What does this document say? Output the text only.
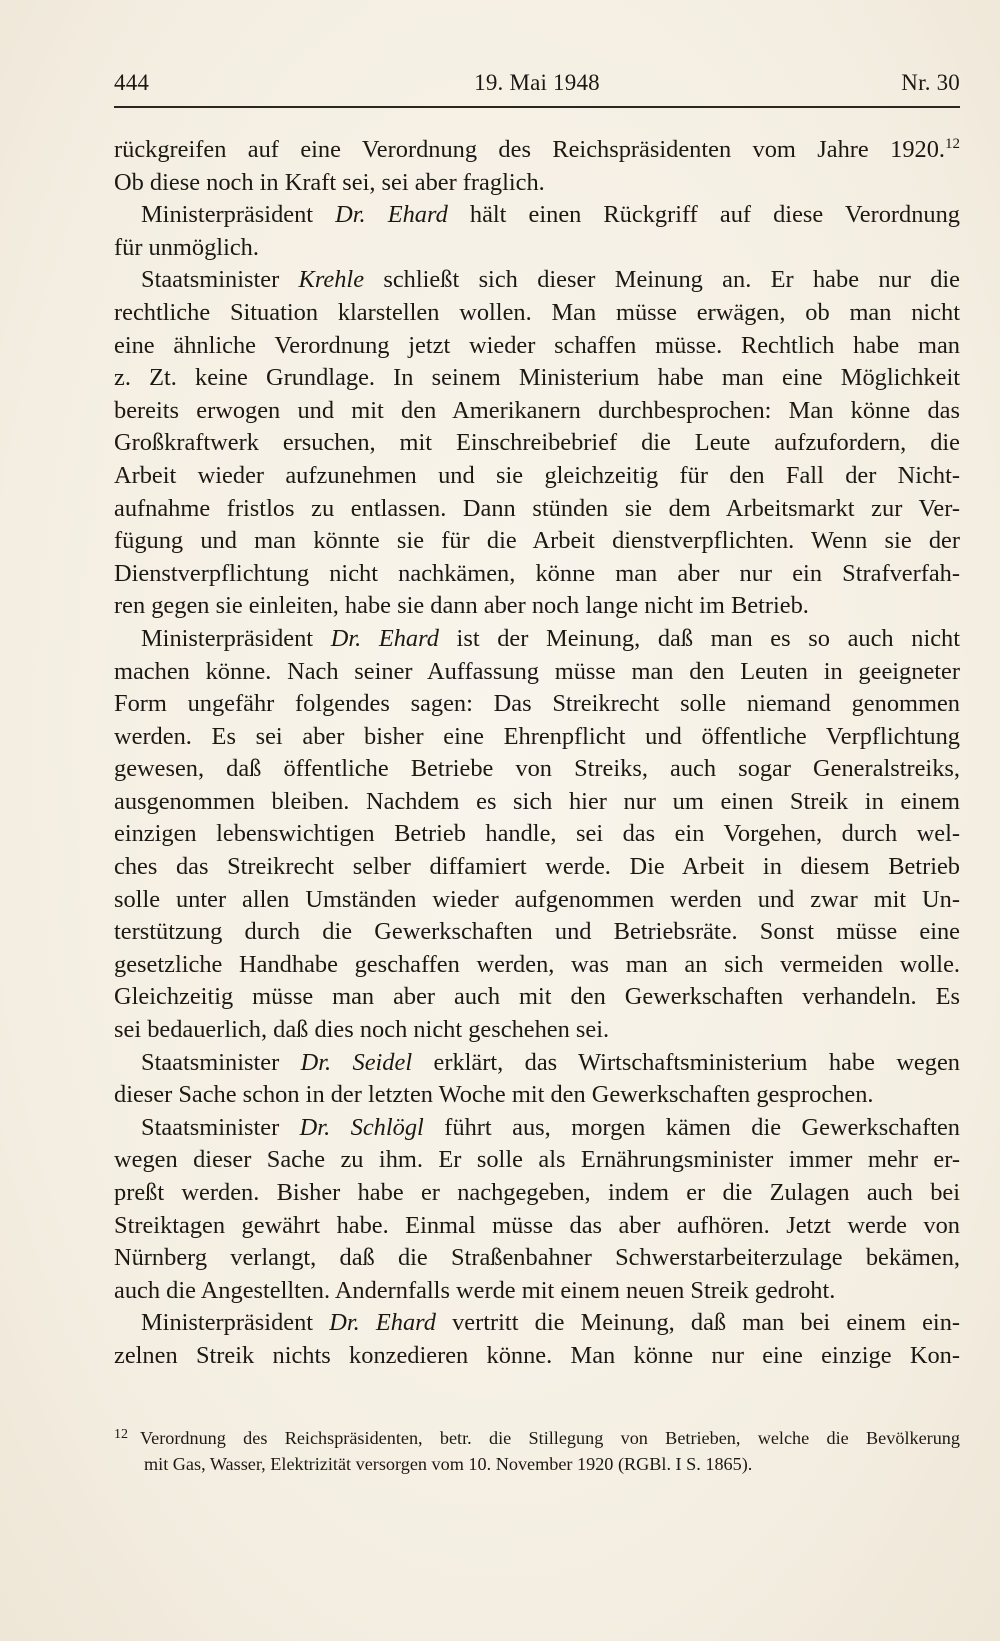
444	19. Mai 1948	Nr. 30
rückgreifen auf eine Verordnung des Reichspräsidenten vom Jahre 1920.12
Ob diese noch in Kraft sei, sei aber fraglich.
Ministerpräsident Dr. Ehard hält einen Rückgriff auf diese Verordnung
für unmöglich.
Staatsminister Krehle schließt sich dieser Meinung an. Er habe nur die
rechtliche Situation klarstellen wollen. Man müsse erwägen, ob man nicht
eine ähnliche Verordnung jetzt wieder schaffen müsse. Rechtlich habe man
z. Zt. keine Grundlage. In seinem Ministerium habe man eine Möglichkeit
bereits erwogen und mit den Amerikanern durchbesprochen: Man könne das
Großkraftwerk ersuchen, mit Einschreibebrief die Leute aufzufordern, die
Arbeit wieder aufzunehmen und sie gleichzeitig für den Fall der Nicht-
aufnahme fristlos zu entlassen. Dann stünden sie dem Arbeitsmarkt zur Ver-
fügung und man könnte sie für die Arbeit dienstverpflichten. Wenn sie der
Dienstverpflichtung nicht nachkämen, könne man aber nur ein Strafverfah-
ren gegen sie einleiten, habe sie dann aber noch lange nicht im Betrieb.
Ministerpräsident Dr. Ehard ist der Meinung, daß man es so auch nicht
machen könne. Nach seiner Auffassung müsse man den Leuten in geeigneter
Form ungefähr folgendes sagen: Das Streikrecht solle niemand genommen
werden. Es sei aber bisher eine Ehrenpflicht und öffentliche Verpflichtung
gewesen, daß öffentliche Betriebe von Streiks, auch sogar Generalstreiks,
ausgenommen bleiben. Nachdem es sich hier nur um einen Streik in einem
einzigen lebenswichtigen Betrieb handle, sei das ein Vorgehen, durch wel-
ches das Streikrecht selber diffamiert werde. Die Arbeit in diesem Betrieb
solle unter allen Umständen wieder aufgenommen werden und zwar mit Un-
terstützung durch die Gewerkschaften und Betriebsräte. Sonst müsse eine
gesetzliche Handhabe geschaffen werden, was man an sich vermeiden wolle.
Gleichzeitig müsse man aber auch mit den Gewerkschaften verhandeln. Es
sei bedauerlich, daß dies noch nicht geschehen sei.
Staatsminister Dr. Seidel erklärt, das Wirtschaftsministerium habe wegen
dieser Sache schon in der letzten Woche mit den Gewerkschaften gesprochen.
Staatsminister Dr. Schlögl führt aus, morgen kämen die Gewerkschaften
wegen dieser Sache zu ihm. Er solle als Ernährungsminister immer mehr er-
preßt werden. Bisher habe er nachgegeben, indem er die Zulagen auch bei
Streiktagen gewährt habe. Einmal müsse das aber aufhören. Jetzt werde von
Nürnberg verlangt, daß die Straßenbahner Schwerstarbeiterzulage bekämen,
auch die Angestellten. Andernfalls werde mit einem neuen Streik gedroht.
Ministerpräsident Dr. Ehard vertritt die Meinung, daß man bei einem ein-
zelnen Streik nichts konzedieren könne. Man könne nur eine einzige Kon-
12 Verordnung des Reichspräsidenten, betr. die Stillegung von Betrieben, welche die Bevölkerung
mit Gas, Wasser, Elektrizität versorgen vom 10. November 1920 (RGBl. I S. 1865).
